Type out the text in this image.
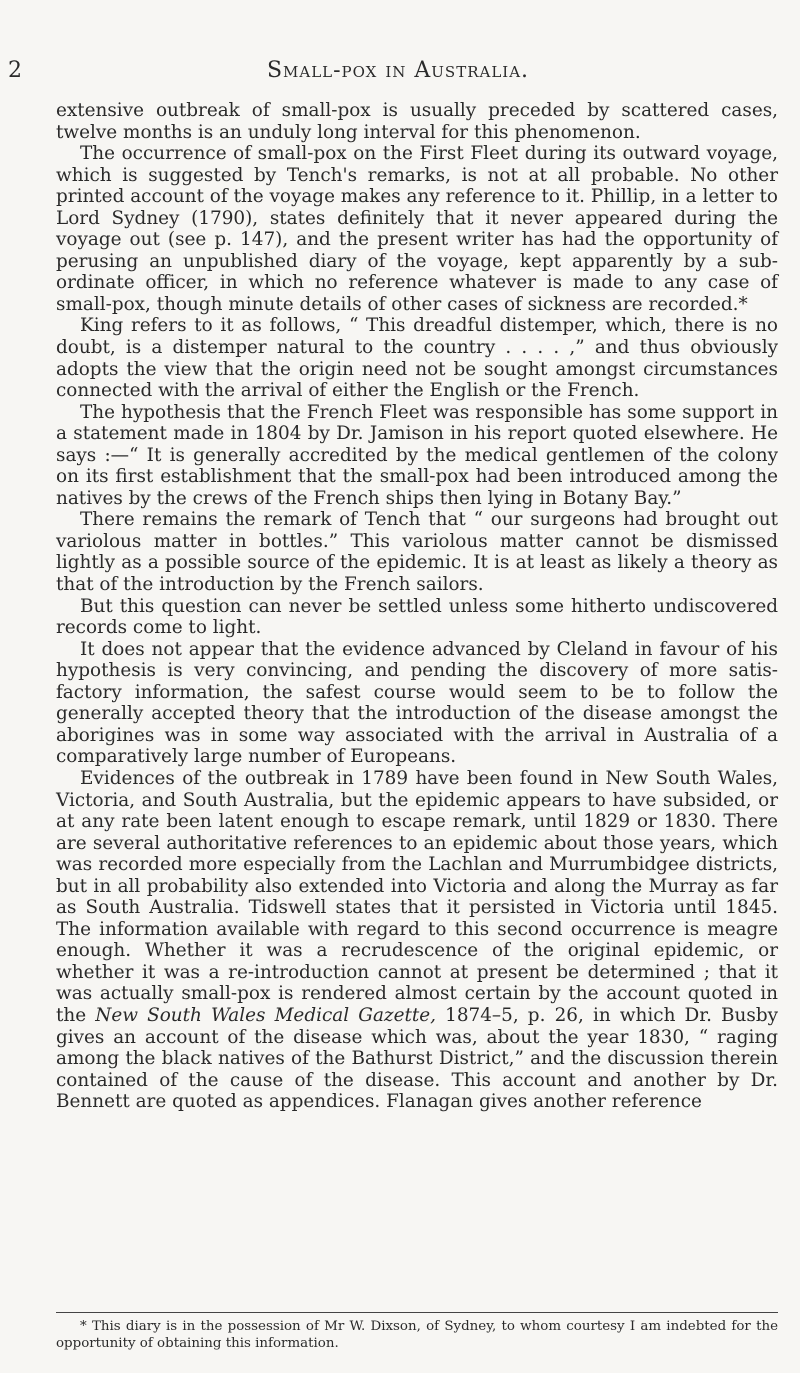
2	Small-pox in Australia.

extensive outbreak of small-pox is usually preceded by scattered cases, twelve months is an unduly long interval for this phenomenon.

The occurrence of small-pox on the First Fleet during its outward voyage, which is suggested by Tench's remarks, is not at all probable. No other printed account of the voyage makes any reference to it. Phillip, in a letter to Lord Sydney (1790), states definitely that it never appeared during the voyage out (see p. 147), and the present writer has had the opportunity of perusing an unpublished diary of the voyage, kept apparently by a sub-ordinate officer, in which no reference whatever is made to any case of small-pox, though minute details of other cases of sickness are recorded.*

King refers to it as follows, “ This dreadful distemper, which, there is no doubt, is a distemper natural to the country . . . . ,” and thus obviously adopts the view that the origin need not be sought amongst circumstances connected with the arrival of either the English or the French.

The hypothesis that the French Fleet was responsible has some support in a statement made in 1804 by Dr. Jamison in his report quoted elsewhere. He says :—“ It is generally accredited by the medical gentlemen of the colony on its first establishment that the small-pox had been introduced among the natives by the crews of the French ships then lying in Botany Bay.”

There remains the remark of Tench that “ our surgeons had brought out variolous matter in bottles.” This variolous matter cannot be dismissed lightly as a possible source of the epidemic. It is at least as likely a theory as that of the introduction by the French sailors.

But this question can never be settled unless some hitherto undiscovered records come to light.

It does not appear that the evidence advanced by Cleland in favour of his hypothesis is very convincing, and pending the discovery of more satis-factory information, the safest course would seem to be to follow the generally accepted theory that the introduction of the disease amongst the aborigines was in some way associated with the arrival in Australia of a comparatively large number of Europeans.

Evidences of the outbreak in 1789 have been found in New South Wales, Victoria, and South Australia, but the epidemic appears to have subsided, or at any rate been latent enough to escape remark, until 1829 or 1830. There are several authoritative references to an epidemic about those years, which was recorded more especially from the Lachlan and Murrumbidgee districts, but in all probability also extended into Victoria and along the Murray as far as South Australia. Tidswell states that it persisted in Victoria until 1845. The information available with regard to this second occurrence is meagre enough. Whether it was a recrudescence of the original epidemic, or whether it was a re-introduction cannot at present be determined ; that it was actually small-pox is rendered almost certain by the account quoted in the New South Wales Medical Gazette, 1874–5, p. 26, in which Dr. Busby gives an account of the disease which was, about the year 1830, “ raging among the black natives of the Bathurst District,” and the discussion therein contained of the cause of the disease. This account and another by Dr. Bennett are quoted as appendices. Flanagan gives another reference

* This diary is in the possession of Mr W. Dixson, of Sydney, to whom courtesy I am indebted for the opportunity of obtaining this information.
